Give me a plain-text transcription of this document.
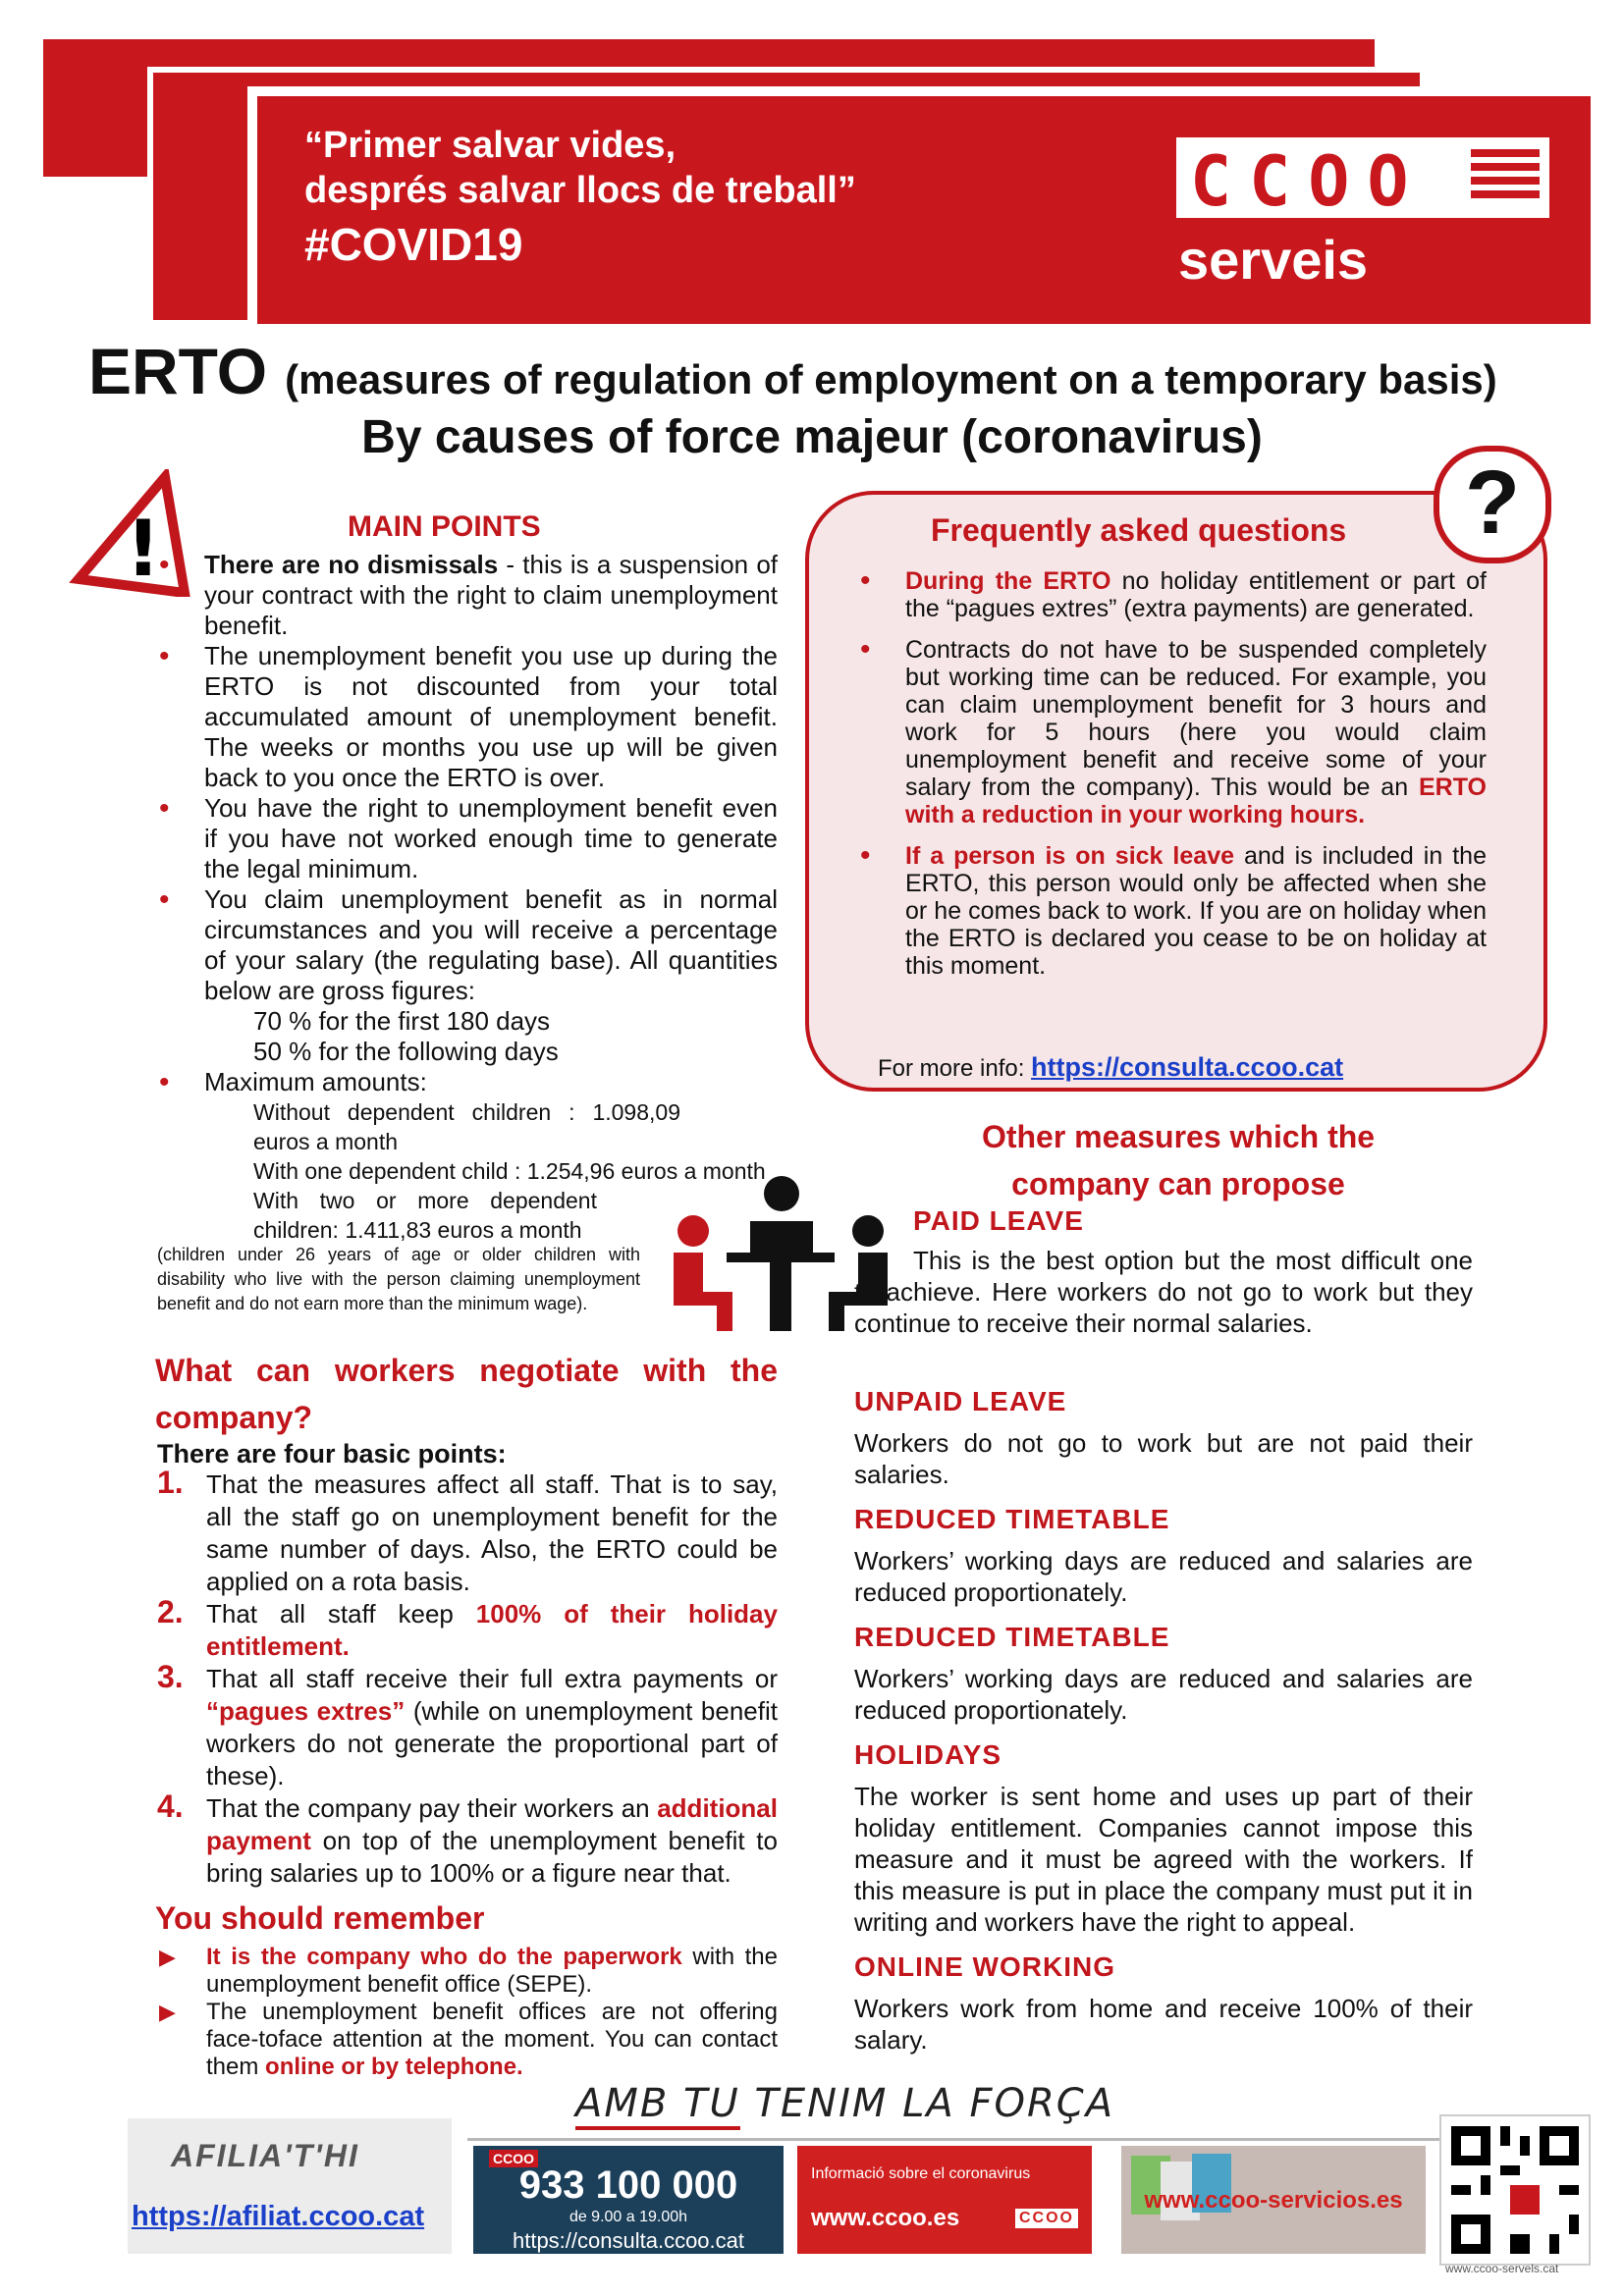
“Primer salvar vides,
després salvar llocs de treball”
#COVID19
CCOO
serveis
ERTO (measures of regulation of employment on a temporary basis)
By causes of force majeur (coronavirus)
!	MAIN POINTS
• There are no dismissals - this is a suspension of your contract with the right to claim unemployment benefit.
• The unemployment benefit you use up during the ERTO is not discounted from your total accumulated amount of unemployment benefit. The weeks or months you use up will be given back to you once the ERTO is over.
• You have the right to unemployment benefit even if you have not worked enough time to generate the legal minimum.
• You claim unemployment benefit as in normal circumstances and you will receive a percentage of your salary (the regulating base). All quantities below are gross figures:
70 % for the first 180 days
50 % for the following days
• Maximum amounts:
Without dependent children : 1.098,09 euros a month
With one dependent child : 1.254,96 euros a month
With two or more dependent children: 1.411,83 euros a month
(children under 26 years of age or older children with disability who live with the person claiming unemployment benefit and do not earn more than the minimum wage).
What can workers negotiate with the company?
There are four basic points:
1. That the measures affect all staff. That is to say, all the staff go on unemployment benefit for the same number of days. Also, the ERTO could be applied on a rota basis.
2. That all staff keep 100% of their holiday entitlement.
3. That all staff receive their full extra payments or “pagues extres” (while on unemployment benefit workers do not generate the proportional part of these).
4. That the company pay their workers an additional payment on top of the unemployment benefit to bring salaries up to 100% or a figure near that.
You should remember
▶ It is the company who do the paperwork with the unemployment benefit office (SEPE).
▶ The unemployment benefit offices are not offering face-toface attention at the moment. You can contact them online or by telephone.
Frequently asked questions
• During the ERTO no holiday entitlement or part of the “pagues extres” (extra payments) are generated.
• Contracts do not have to be suspended completely but working time can be reduced. For example, you can claim unemployment benefit for 3 hours and work for 5 hours (here you would claim unemployment benefit and receive some of your salary from the company). This would be an ERTO with a reduction in your working hours.
• If a person is on sick leave and is included in the ERTO, this person would only be affected when she or he comes back to work. If you are on holiday when the ERTO is declared you cease to be on holiday at this moment.
For more info: https://consulta.ccoo.cat
?
Other measures which the
company can propose
PAID LEAVE
This is the best option but the most difficult one to achieve. Here workers do not go to work but they continue to receive their normal salaries.
UNPAID LEAVE
Workers do not go to work but are not paid their salaries.
REDUCED TIMETABLE
Workers’ working days are reduced and salaries are reduced proportionately.
REDUCED TIMETABLE
Workers’ working days are reduced and salaries are reduced proportionately.
HOLIDAYS
The worker is sent home and uses up part of their holiday entitlement. Companies cannot impose this measure and it must be agreed with the workers. If this measure is put in place the company must put it in writing and workers have the right to appeal.
ONLINE WORKING
Workers work from home and receive 100% of their salary.
AMB TU TENIM LA FORÇA
AFILIA'T'HI
https://afiliat.ccoo.cat
CCOO
933 100 000
de 9.00 a 19.00h
https://consulta.ccoo.cat
Informació sobre el coronavirus
www.ccoo.es	CCOO
www.ccoo-servicios.es
www.ccoo-servels.cat
